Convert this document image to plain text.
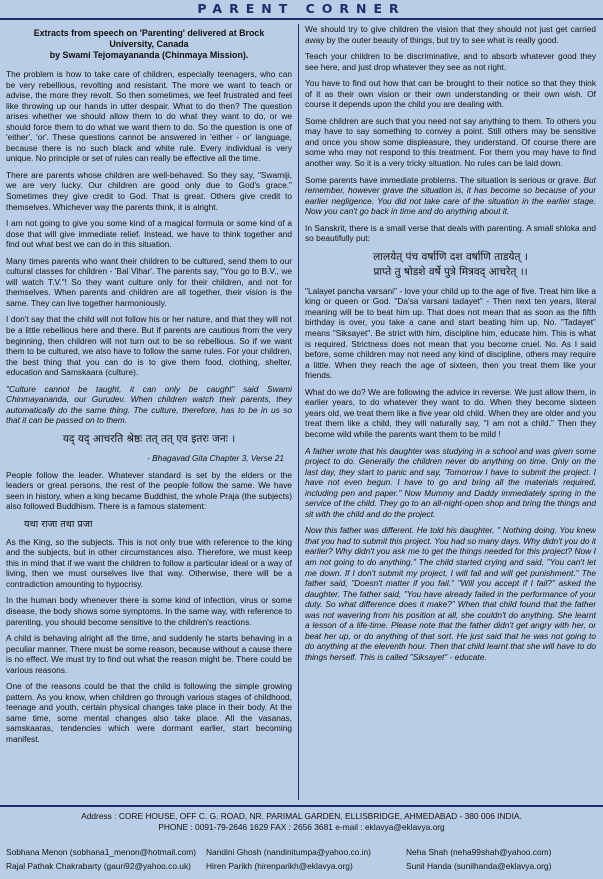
PARENT CORNER
Extracts from speech on 'Parenting' delivered at Brock
University, Canada
by Swami Tejomayananda (Chinmaya Mission).

The problem is how to take care of children, especially teenagers, who can be very rebellious, revolting and resistant. The more we want to teach or advise, the more they revolt. So then sometimes, we feel frustrated and feel like throwing up our hands in utter despair. What to do then? The question arises whether we should allow them to do what they want to do, or we should force them to do what we want them to do. So the question is one of 'either', 'or'. These questions cannot be answered in 'either - or' language, because there is no such black and white rule. Every individual is very unique. No principle or set of rules can really be effective all the time.

There are parents whose children are well-behaved. So they say, "Swamiji, we are very lucky. Our children are good only due to God's grace." Sometimes they give credit to God. That is great. Others give credit to themselves. Whichever way the parents think, it is alright.

I am not going to give you some kind of a magical formula or some kind of a dose that will give immediate relief. Instead, we have to think together and find out what best we can do in this situation.

Many times parents who want their children to be cultured, send them to our cultural classes for children - 'Bal Vihar'. The parents say, "You go to B.V., we will watch T.V."! So they want culture only for their children, and not for themselves. When parents and children are all together, their vision is the same. They can live together harmoniously.

I don't say that the child will not follow his or her nature, and that they will not be a little rebellious here and there. But if parents are cautious from the very beginning, then children will not turn out to be so rebellious. So if we want them to be cultured, we also have to follow the same rules. For your children, the best thing that you can do is to give them food, clothing, shelter, education and Samskaara (culture).

"Culture cannot be taught, it can only be caught" said Swami Chinmayananda, our Gurudev. When children watch their parents, they automatically do the same thing. The culture, therefore, has to be in us so that it can be passed on to them.

यद् यद् आचरति श्रेष्ठः तत् तत् एव इतरः जनः ।
- Bhagavad Gita Chapter 3, Verse 21

People follow the leader. Whatever standard is set by the elders or the leaders or great persons, the rest of the people follow the same. We have seen in history, when a king became Buddhist, the whole Praja (the subjects) also followed Buddhism. There is a famous statement:

यथा राजा तथा प्रजा

As the King, so the subjects. This is not only true with reference to the king and the subjects, but in other circumstances also. Therefore, we must keep this in mind that if we want the children to follow a particular ideal or a way of living, then we must ourselves live that way. Otherwise, there will be a contradiction amounting to hypocrisy.

In the human body whenever there is some kind of infection, virus or some disease, the body shows some symptoms. In the same way, with reference to parenting, you should become sensitive to the children's reactions.

A child is behaving alright all the time, and suddenly he starts behaving in a peculiar manner. There must be some reason, because without a cause there is no effect. We must try to find out what the reason might be. There could be various reasons.

One of the reasons could be that the child is following the simple growing pattern. As you know, when children go through various stages of childhood, teenage and youth, certain physical changes take place in their body. At the same time, some mental changes also take place. All the vasanas, samskaaras, tendencies which were dormant earlier, start becoming manifest.

We should try to give children the vision that they should not just get carried away by the outer beauty of things, but try to see what is really good.

Teach your children to be discriminative, and to absorb whatever good they see here, and just drop whatever they see as not right.

You have to find out how that can be brought to their notice so that they think of it as their own vision or their own understanding or their own wish. Of course it depends upon the child you are dealing with.

Some children are such that you need not say anything to them. To others you may have to say something to convey a point. Still others may be sensitive and once you show some displeasure, they understand. Of course there are some who may not respond to this treatment. For them you may have to find another way. So it is a very tricky situation. No rules can be laid down.

Some parents have immediate problems. The situation is serious or grave. But remember, however grave the situation is, it has become so because of your earlier negligence. You did not take care of the situation in the earlier stage. Now you can't go back in time and do anything about it.

In Sanskrit, there is a small verse that deals with parenting. A small shloka and so beautifully put:

लालयेत् पंच वर्षाणि दश वर्षाणि ताडयेत् ।
प्राप्ते तु षोडशे वर्षे पुत्रे मित्रवद् आचरेत् ।।

"Lalayet pancha varsani" - love your child up to the age of five. Treat him like a king or queen or God. "Da'sa varsani tadayet" - Then next ten years, literal meaning will be to beat him up. That does not mean that as soon as the fifth birthday is over, you take a cane and start beating him up. No. "Tadayet" means "Siksayet". Be strict with him, discipline him, educate him. This is what is required. Strictness does not mean that you become cruel. No. As I said before, some children may not need any kind of discipline, others may require a little. When they reach the age of sixteen, then you treat them like your friends.

What do we do? We are following the advice in reverse. We just allow them, in earlier years, to do whatever they want to do. When they become sixteen years old, we treat them like a five year old child. When they are older and you treat them like a child, they will naturally say, "I am not a child." Then they become wild while the parents want them to be mild !

A father wrote that his daughter was studying in a school and was given some project to do. Generally the children never do anything on time. Only on the last day, they start to panic and say, 'Tomorrow I have to submit the project. I have not even begun. I have to go and bring all the materials required, including pen and paper." Now Mummy and Daddy immediately spring in the service of the child. They go to an all-night-open shop and bring the things and sit with the child and do the project.

Now this father was different. He told his daughter, " Nothing doing. You knew that you had to submit this project. You had so many days. Why didn't you do it earlier? Why didn't you ask me to get the things needed for this project? Now I am not going to do anything." The child started crying and said, "You can't let me down. If I don't submit my project, I will fail and will get punishment." The father said, "Doesn't matter if you fail." "Will you accept if I fail?" asked the daughter. The father said, "You have already failed in the performance of your duty. So what difference does it make?" When that child found that the father was not wavering from his position at all, she couldn't do anything. She learnt a lesson of a life-time. Please note that the father didn't get angry with her, or beat her up, or do anything of that sort. He just said that he was not going to do anything at the eleventh hour. Then that child learnt that she will have to do things herself. This is called "Siksayet" - educate.

Address : CORE HOUSE, OFF C. G. ROAD, NR. PARIMAL GARDEN, ELLISBRIDGE, AHMEDABAD - 380 006 INDIA.
PHONE : 0091-79-2646 1629 FAX : 2656 3681 e-mail : eklavya@eklavya.org
Sobhana Menon (sobhana1_menon@hotmail.com)	Nandini Ghosh (nandinitumpa@yahoo.co.in)	Neha Shah (neha99shah@yahoo.com)
Rajal Pathak Chakrabarty (gauri92@yahoo.co.uk)	Hiren Parikh (hirenparikh@eklavya.org)	Sunil Handa (sunilhanda@eklavya.org)
